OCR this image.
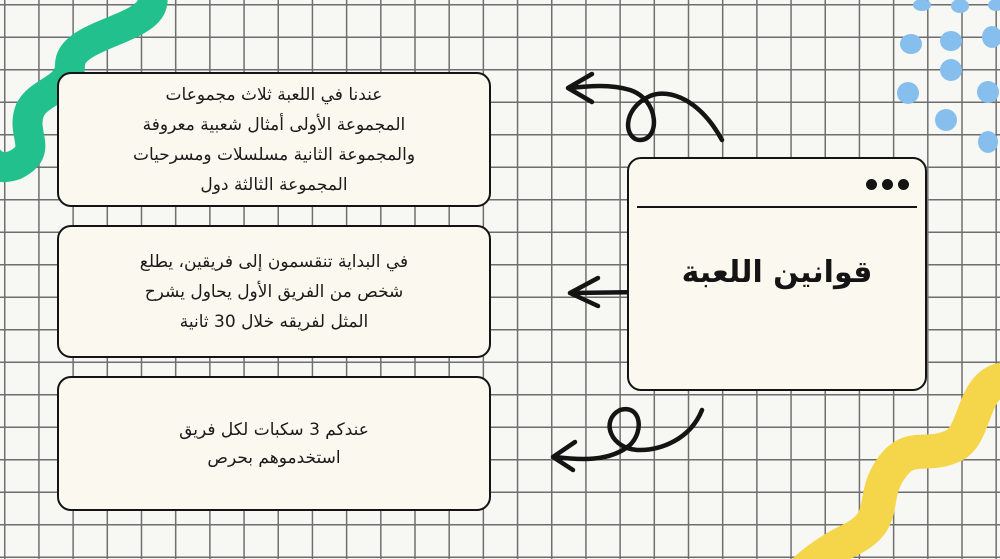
عندنا في اللعبة ثلاث مجموعات
المجموعة الأولى أمثال شعبية معروفة
والمجموعة الثانية مسلسلات ومسرحيات
المجموعة الثالثة دول
في البداية تنقسمون إلى فريقين، يطلع
شخص من الفريق الأول يحاول يشرح
المثل لفريقه خلال 30 ثانية
عندكم 3 سكبات لكل فريق
استخدموهم بحرص
قوانين اللعبة
